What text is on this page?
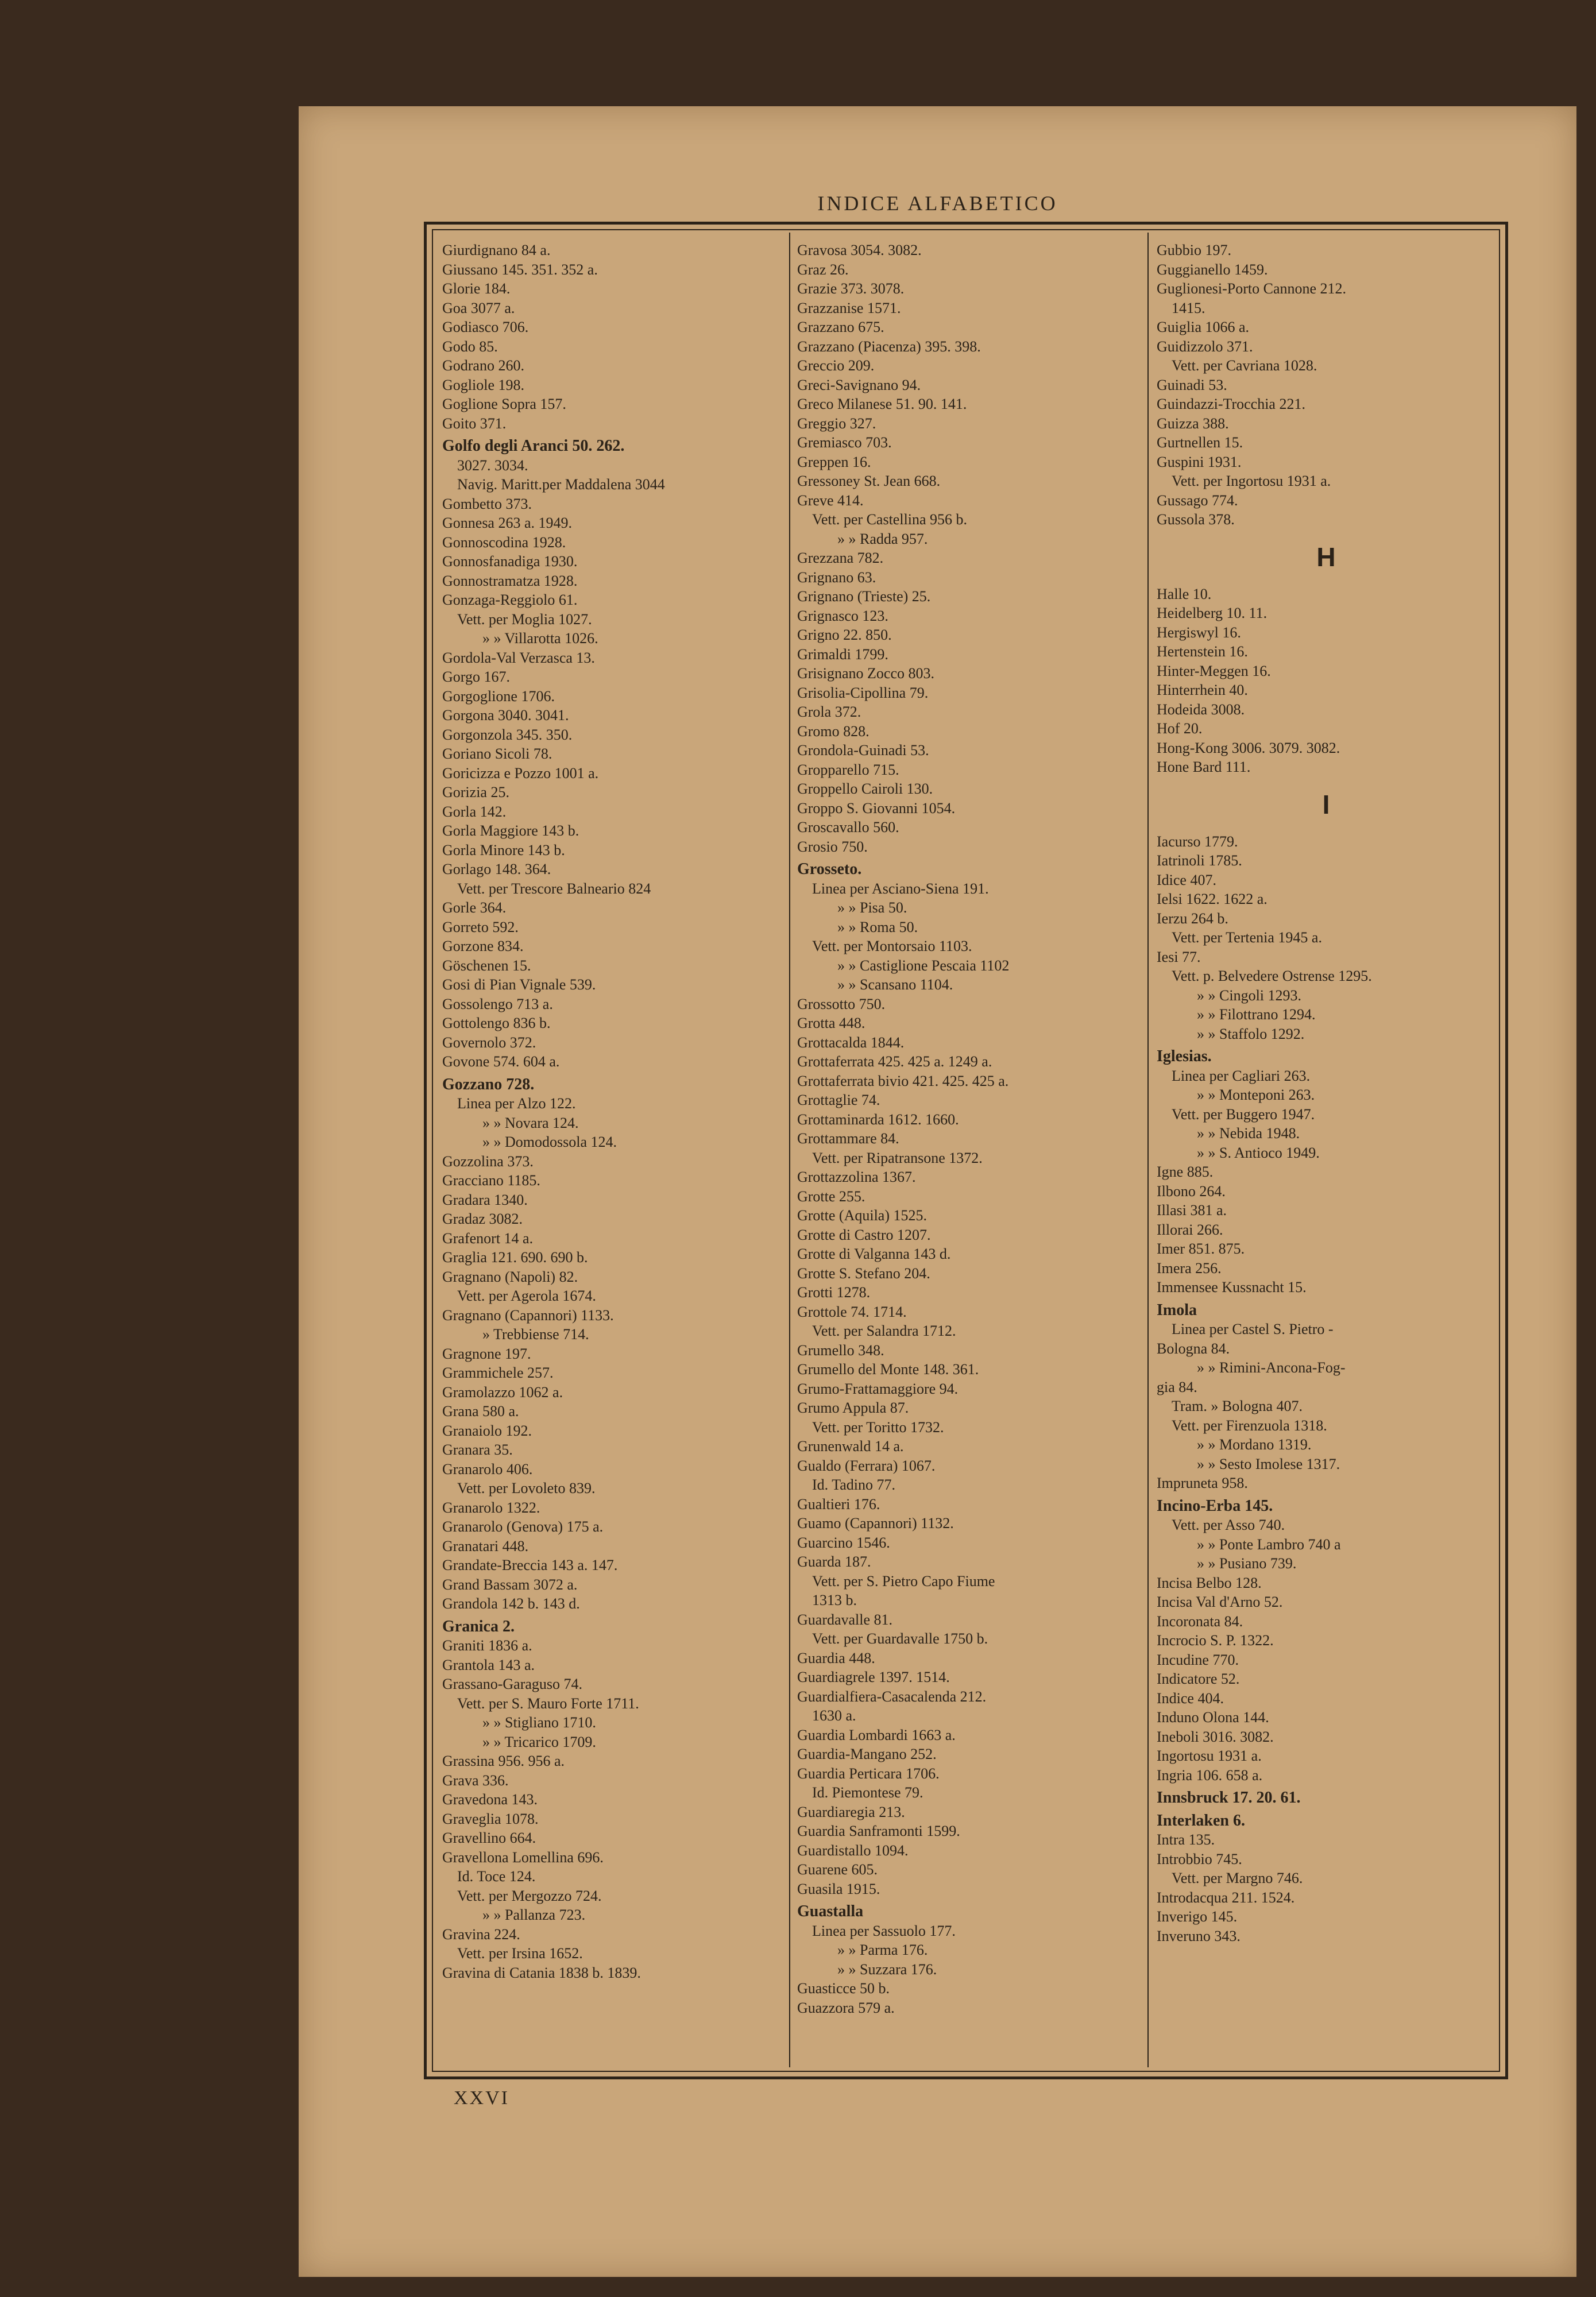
INDICE ALFABETICO
Giurdignano 84 a.
Giussano 145. 351. 352 a.
Glorie 184.
Goa 3077 a.
Godiasco 706.
Godo 85.
Godrano 260.
Gogliole 198.
Goglione Sopra 157.
Goito 371.
Golfo degli Aranci 50. 262.
3027. 3034.
Navig. Maritt.per Maddalena 3044
Gombetto 373.
Gonnesa 263 a. 1949.
Gonnoscodina 1928.
Gonnosfanadiga 1930.
Gonnostramatza 1928.
Gonzaga-Reggiolo 61.
Vett. per Moglia 1027.
» » Villarotta 1026.
Gordola-Val Verzasca 13.
Gorgo 167.
Gorgoglione 1706.
Gorgona 3040. 3041.
Gorgonzola 345. 350.
Goriano Sicoli 78.
Goricizza e Pozzo 1001 a.
Gorizia 25.
Gorla 142.
Gorla Maggiore 143 b.
Gorla Minore 143 b.
Gorlago 148. 364.
Vett. per Trescore Balneario 824
Gorle 364.
Gorreto 592.
Gorzone 834.
Göschenen 15.
Gosi di Pian Vignale 539.
Gossolengo 713 a.
Gottolengo 836 b.
Governolo 372.
Govone 574. 604 a.
Gozzano 728.
Linea per Alzo 122.
» » Novara 124.
» » Domodossola 124.
Gozzolina 373.
Gracciano 1185.
Gradara 1340.
Gradaz 3082.
Grafenort 14 a.
Graglia 121. 690. 690 b.
Gragnano (Napoli) 82.
Vett. per Agerola 1674.
Gragnano (Capannori) 1133.
» Trebbiense 714.
Gragnone 197.
Grammichele 257.
Gramolazzo 1062 a.
Grana 580 a.
Granaiolo 192.
Granara 35.
Granarolo 406.
Vett. per Lovoleto 839.
Granarolo 1322.
Granarolo (Genova) 175 a.
Granatari 448.
Grandate-Breccia 143 a. 147.
Grand Bassam 3072 a.
Grandola 142 b. 143 d.
Granica 2.
Graniti 1836 a.
Grantola 143 a.
Grassano-Garaguso 74.
Vett. per S. Mauro Forte 1711.
» » Stigliano 1710.
» » Tricarico 1709.
Grassina 956. 956 a.
Grava 336.
Gravedona 143.
Graveglia 1078.
Gravellino 664.
Gravellona Lomellina 696.
Id. Toce 124.
Vett. per Mergozzo 724.
» » Pallanza 723.
Gravina 224.
Vett. per Irsina 1652.
Gravina di Catania 1838 b. 1839.
Gravosa 3054. 3082.
Graz 26.
Grazie 373. 3078.
Grazzanise 1571.
Grazzano 675.
Grazzano (Piacenza) 395. 398.
Greccio 209.
Greci-Savignano 94.
Greco Milanese 51. 90. 141.
Greggio 327.
Gremiasco 703.
Greppen 16.
Gressoney St. Jean 668.
Greve 414.
Vett. per Castellina 956 b.
» » Radda 957.
Grezzana 782.
Grignano 63.
Grignano (Trieste) 25.
Grignasco 123.
Grigno 22. 850.
Grimaldi 1799.
Grisignano Zocco 803.
Grisolia-Cipollina 79.
Grola 372.
Gromo 828.
Grondola-Guinadi 53.
Gropparello 715.
Groppello Cairoli 130.
Groppo S. Giovanni 1054.
Groscavallo 560.
Grosio 750.
Grosseto.
Linea per Asciano-Siena 191.
» » Pisa 50.
» » Roma 50.
Vett. per Montorsaio 1103.
» » Castiglione Pescaia 1102
» » Scansano 1104.
Grossotto 750.
Grotta 448.
Grottacalda 1844.
Grottaferrata 425. 425 a. 1249 a.
Grottaferrata bivio 421. 425. 425 a.
Grottaglie 74.
Grottaminarda 1612. 1660.
Grottammare 84.
Vett. per Ripatransone 1372.
Grottazzolina 1367.
Grotte 255.
Grotte (Aquila) 1525.
Grotte di Castro 1207.
Grotte di Valganna 143 d.
Grotte S. Stefano 204.
Grotti 1278.
Grottole 74. 1714.
Vett. per Salandra 1712.
Grumello 348.
Grumello del Monte 148. 361.
Grumo-Frattamaggiore 94.
Grumo Appula 87.
Vett. per Toritto 1732.
Grunenwald 14 a.
Gualdo (Ferrara) 1067.
Id. Tadino 77.
Gualtieri 176.
Guamo (Capannori) 1132.
Guarcino 1546.
Guarda 187.
Vett. per S. Pietro Capo Fiume
1313 b.
Guardavalle 81.
Vett. per Guardavalle 1750 b.
Guardia 448.
Guardiagrele 1397. 1514.
Guardialfiera-Casacalenda 212.
1630 a.
Guardia Lombardi 1663 a.
Guardia-Mangano 252.
Guardia Perticara 1706.
Id. Piemontese 79.
Guardiaregia 213.
Guardia Sanframonti 1599.
Guardistallo 1094.
Guarene 605.
Guasila 1915.
Guastalla
Linea per Sassuolo 177.
» » Parma 176.
» » Suzzara 176.
Guasticce 50 b.
Guazzora 579 a.
Gubbio 197.
Guggianello 1459.
Guglionesi-Porto Cannone 212.
1415.
Guiglia 1066 a.
Guidizzolo 371.
Vett. per Cavriana 1028.
Guinadi 53.
Guindazzi-Trocchia 221.
Guizza 388.
Gurtnellen 15.
Guspini 1931.
Vett. per Ingortosu 1931 a.
Gussago 774.
Gussola 378.
H
Halle 10.
Heidelberg 10. 11.
Hergiswyl 16.
Hertenstein 16.
Hinter-Meggen 16.
Hinterrhein 40.
Hodeida 3008.
Hof 20.
Hong-Kong 3006. 3079. 3082.
Hone Bard 111.
I
Iacurso 1779.
Iatrinoli 1785.
Idice 407.
Ielsi 1622. 1622 a.
Ierzu 264 b.
Vett. per Tertenia 1945 a.
Iesi 77.
Vett. p. Belvedere Ostrense 1295.
» » Cingoli 1293.
» » Filottrano 1294.
» » Staffolo 1292.
Iglesias.
Linea per Cagliari 263.
» » Monteponi 263.
Vett. per Buggero 1947.
» » Nebida 1948.
» » S. Antioco 1949.
Igne 885.
Ilbono 264.
Illasi 381 a.
Illorai 266.
Imer 851. 875.
Imera 256.
Immensee Kussnacht 15.
Imola
Linea per Castel S. Pietro -
Bologna 84.
» » Rimini-Ancona-Fog-
gia 84.
Tram. » Bologna 407.
Vett. per Firenzuola 1318.
» » Mordano 1319.
» » Sesto Imolese 1317.
Impruneta 958.
Incino-Erba 145.
Vett. per Asso 740.
» » Ponte Lambro 740 a
» » Pusiano 739.
Incisa Belbo 128.
Incisa Val d'Arno 52.
Incoronata 84.
Incrocio S. P. 1322.
Incudine 770.
Indicatore 52.
Indice 404.
Induno Olona 144.
Ineboli 3016. 3082.
Ingortosu 1931 a.
Ingria 106. 658 a.
Innsbruck 17. 20. 61.
Interlaken 6.
Intra 135.
Introbbio 745.
Vett. per Margno 746.
Introdacqua 211. 1524.
Inverigo 145.
Inveruno 343.
XXVI
